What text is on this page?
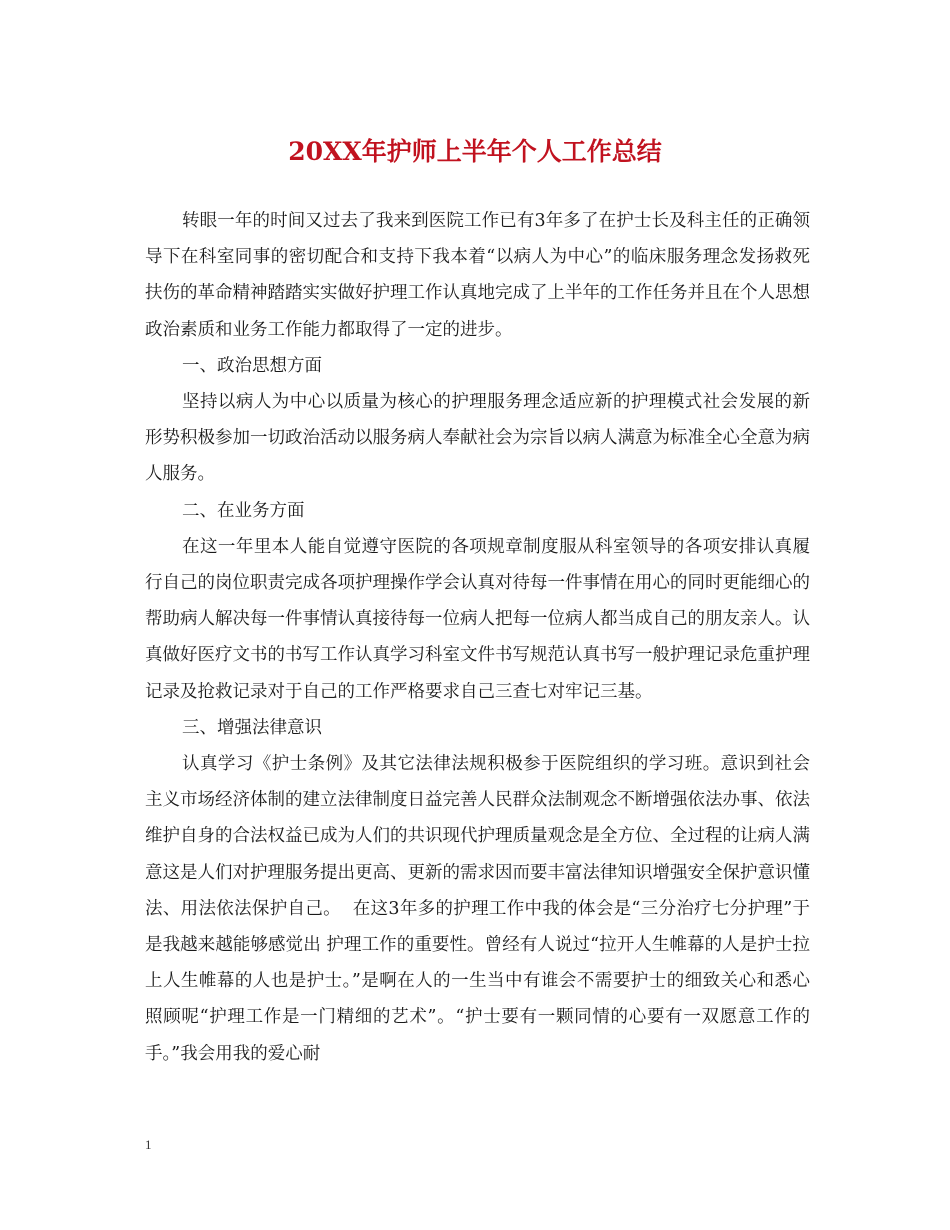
20XX年护师上半年个人工作总结

转眼一年的时间又过去了我来到医院工作已有3年多了在护士长及科主任的正确领导下在科室同事的密切配合和支持下我本着“以病人为中心”的临床服务理念发扬救死扶伤的革命精神踏踏实实做好护理工作认真地完成了上半年的工作任务并且在个人思想政治素质和业务工作能力都取得了一定的进步。

一、政治思想方面

坚持以病人为中心以质量为核心的护理服务理念适应新的护理模式社会发展的新形势积极参加一切政治活动以服务病人奉献社会为宗旨以病人满意为标准全心全意为病人服务。

二、在业务方面

在这一年里本人能自觉遵守医院的各项规章制度服从科室领导的各项安排认真履行自己的岗位职责完成各项护理操作学会认真对待每一件事情在用心的同时更能细心的帮助病人解决每一件事情认真接待每一位病人把每一位病人都当成自己的朋友亲人。认真做好医疗文书的书写工作认真学习科室文件书写规范认真书写一般护理记录危重护理记录及抢救记录对于自己的工作严格要求自己三查七对牢记三基。

三、增强法律意识

认真学习《护士条例》及其它法律法规积极参于医院组织的学习班。意识到社会主义市场经济体制的建立法律制度日益完善人民群众法制观念不断增强依法办事、依法维护自身的合法权益已成为人们的共识现代护理质量观念是全方位、全过程的让病人满意这是人们对护理服务提出更高、更新的需求因而要丰富法律知识增强安全保护意识懂法、用法依法保护自己。  在这3年多的护理工作中我的体会是“三分治疗七分护理”于是我越来越能够感觉出 护理工作的重要性。曾经有人说过“拉开人生帷幕的人是护士拉上人生帷幕的人也是护士。”是啊在人的一生当中有谁会不需要护士的细致关心和悉心照顾呢“护理工作是一门精细的艺术”。“护士要有一颗同情的心要有一双愿意工作的手。”我会用我的爱心耐

1
